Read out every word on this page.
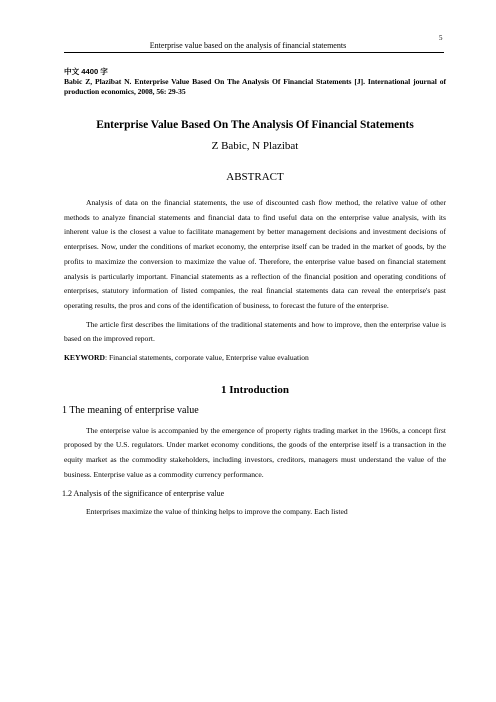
5
Enterprise value based on the analysis of financial statements
中文 4400 字
Babic Z, Plazibat N. Enterprise Value Based On The Analysis Of Financial Statements [J]. International journal of production economics, 2008, 56: 29-35
Enterprise Value Based On The Analysis Of Financial Statements
Z Babic, N Plazibat
ABSTRACT

Analysis of data on the financial statements, the use of discounted cash flow method, the relative value of other methods to analyze financial statements and financial data to find useful data on the enterprise value analysis, with its inherent value is the closest a value to facilitate management by better management decisions and investment decisions of enterprises. Now, under the conditions of market economy, the enterprise itself can be traded in the market of goods, by the profits to maximize the conversion to maximize the value of. Therefore, the enterprise value based on financial statement analysis is particularly important. Financial statements as a reflection of the financial position and operating conditions of enterprises, statutory information of listed companies, the real financial statements data can reveal the enterprise's past operating results, the pros and cons of the identification of business, to forecast the future of the enterprise.

The article first describes the limitations of the traditional statements and how to improve, then the enterprise value is based on the improved report.

KEYWORD: Financial statements, corporate value, Enterprise value evaluation
1 Introduction
1 The meaning of enterprise value

The enterprise value is accompanied by the emergence of property rights trading market in the 1960s, a concept first proposed by the U.S. regulators. Under market economy conditions, the goods of the enterprise itself is a transaction in the equity market as the commodity stakeholders, including investors, creditors, managers must understand the value of the business. Enterprise value as a commodity currency performance.

1.2 Analysis of the significance of enterprise value

Enterprises maximize the value of thinking helps to improve the company. Each listed
